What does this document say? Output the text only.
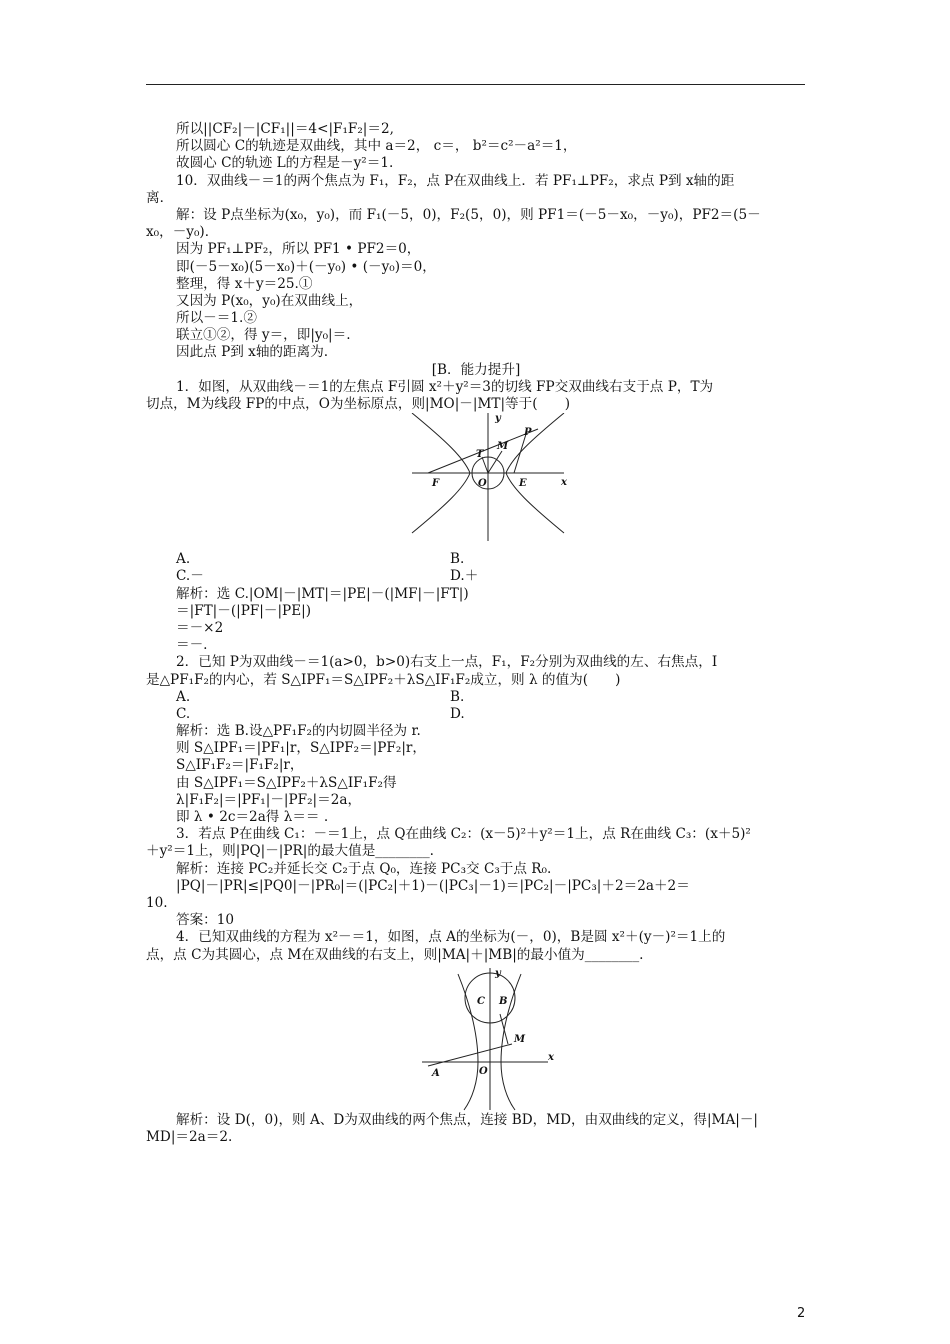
所以||CF₂|－|CF₁||＝4<|F₁F₂|＝2,
所以圆心 C的轨迹是双曲线，其中 a＝2， c＝， b²＝c²－a²＝1，
故圆心 C的轨迹 L的方程是－y²＝1.
10．双曲线－＝1的两个焦点为 F₁，F₂，点 P在双曲线上．若 PF₁⊥PF₂，求点 P到 x轴的距
离．
解：设 P点坐标为(x₀，y₀)，而 F₁(－5，0)，F₂(5，0)，则 PF1＝(－5－x₀，－y₀)，PF2＝(5－
x₀，－y₀)．
因为 PF₁⊥PF₂，所以 PF1 • PF2＝0，
即(－5－x₀)(5－x₀)＋(－y₀) • (－y₀)＝0，
整理，得 x＋y＝25.①
又因为 P(x₀，y₀)在双曲线上，
所以－＝1.②
联立①②，得 y＝，即|y₀|＝.
因此点 P到 x轴的距离为.
[B．能力提升]
1．如图，从双曲线－＝1的左焦点 F引圆 x²＋y²＝3的切线 FP交双曲线右支于点 P，T为
切点，M为线段 FP的中点，O为坐标原点，则|MO|－|MT|等于(　　)
y
x
F	O	E
T
M
P
A.	B.
C.－	D.＋
解析：选 C.|OM|－|MT|＝|PE|－(|MF|－|FT|)
＝|FT|－(|PF|－|PE|)
＝－×2
＝－.
2．已知 P为双曲线－＝1(a>0，b>0)右支上一点，F₁，F₂分别为双曲线的左、右焦点，I
是△PF₁F₂的内心，若 S△IPF₁＝S△IPF₂＋λS△IF₁F₂成立，则 λ 的值为(　　)
A.	B.
C.	D.
解析：选 B.设△PF₁F₂的内切圆半径为 r.
则 S△IPF₁＝|PF₁|r，S△IPF₂＝|PF₂|r，
S△IF₁F₂＝|F₁F₂|r，
由 S△IPF₁＝S△IPF₂＋λS△IF₁F₂得
λ|F₁F₂|＝|PF₁|－|PF₂|＝2a，
即 λ • 2c＝2a得 λ＝＝ .
3．若点 P在曲线 C₁：－＝1上，点 Q在曲线 C₂：(x－5)²＋y²＝1上，点 R在曲线 C₃：(x＋5)²
＋y²＝1上，则|PQ|－|PR|的最大值是________.
解析：连接 PC₂并延长交 C₂于点 Q₀，连接 PC₃交 C₃于点 R₀.
|PQ|－|PR|≤|PQ0|－|PR₀|＝(|PC₂|＋1)－(|PC₃|－1)＝|PC₂|－|PC₃|＋2＝2a＋2＝
10.
答案：10
4．已知双曲线的方程为 x²－＝1，如图，点 A的坐标为(－，0)，B是圆 x²＋(y－)²＝1上的
点，点 C为其圆心，点 M在双曲线的右支上，则|MA|＋|MB|的最小值为________.
C B
y
x
M
A	O
解析：设 D(，0)，则 A、D为双曲线的两个焦点，连接 BD，MD，由双曲线的定义，得|MA|－|
MD|＝2a＝2.
2
